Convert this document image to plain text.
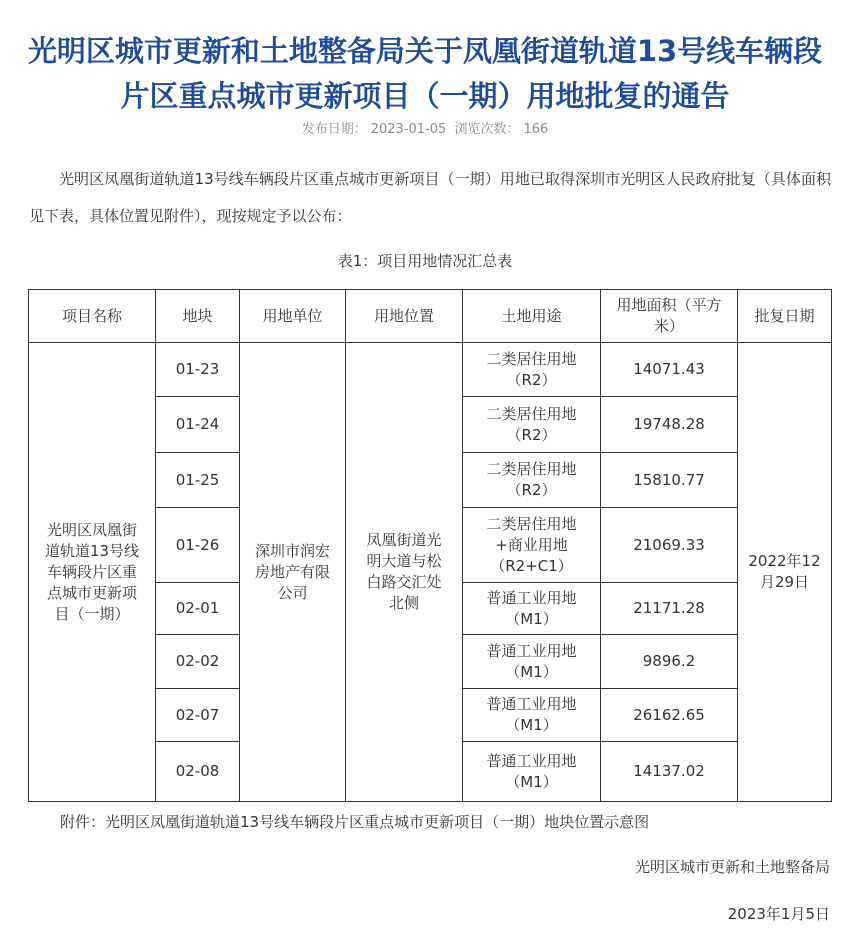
光明区城市更新和土地整备局关于凤凰街道轨道13号线车辆段片区重点城市更新项目（一期）用地批复的通告
发布日期： 2023-01-05 浏览次数： 166

光明区凤凰街道轨道13号线车辆段片区重点城市更新项目（一期）用地已取得深圳市光明区人民政府批复（具体面积见下表，具体位置见附件），现按规定予以公布：

表1：项目用地情况汇总表
项目名称	地块	用地单位	用地位置	土地用途	用地面积（平方米）	批复日期
光明区凤凰街道轨道13号线车辆段片区重点城市更新项目（一期）	01-23	深圳市润宏房地产有限公司	凤凰街道光明大道与松白路交汇处北侧	二类居住用地（R2）	14071.43	2022年12月29日
	01-24			二类居住用地（R2）	19748.28	
	01-25			二类居住用地（R2）	15810.77	
	01-26			二类居住用地+商业用地（R2+C1）	21069.33	
	02-01			普通工业用地（M1）	21171.28	
	02-02			普通工业用地（M1）	9896.2	
	02-07			普通工业用地（M1）	26162.65	
	02-08			普通工业用地（M1）	14137.02	
附件：光明区凤凰街道轨道13号线车辆段片区重点城市更新项目（一期）地块位置示意图
光明区城市更新和土地整备局
2023年1月5日
